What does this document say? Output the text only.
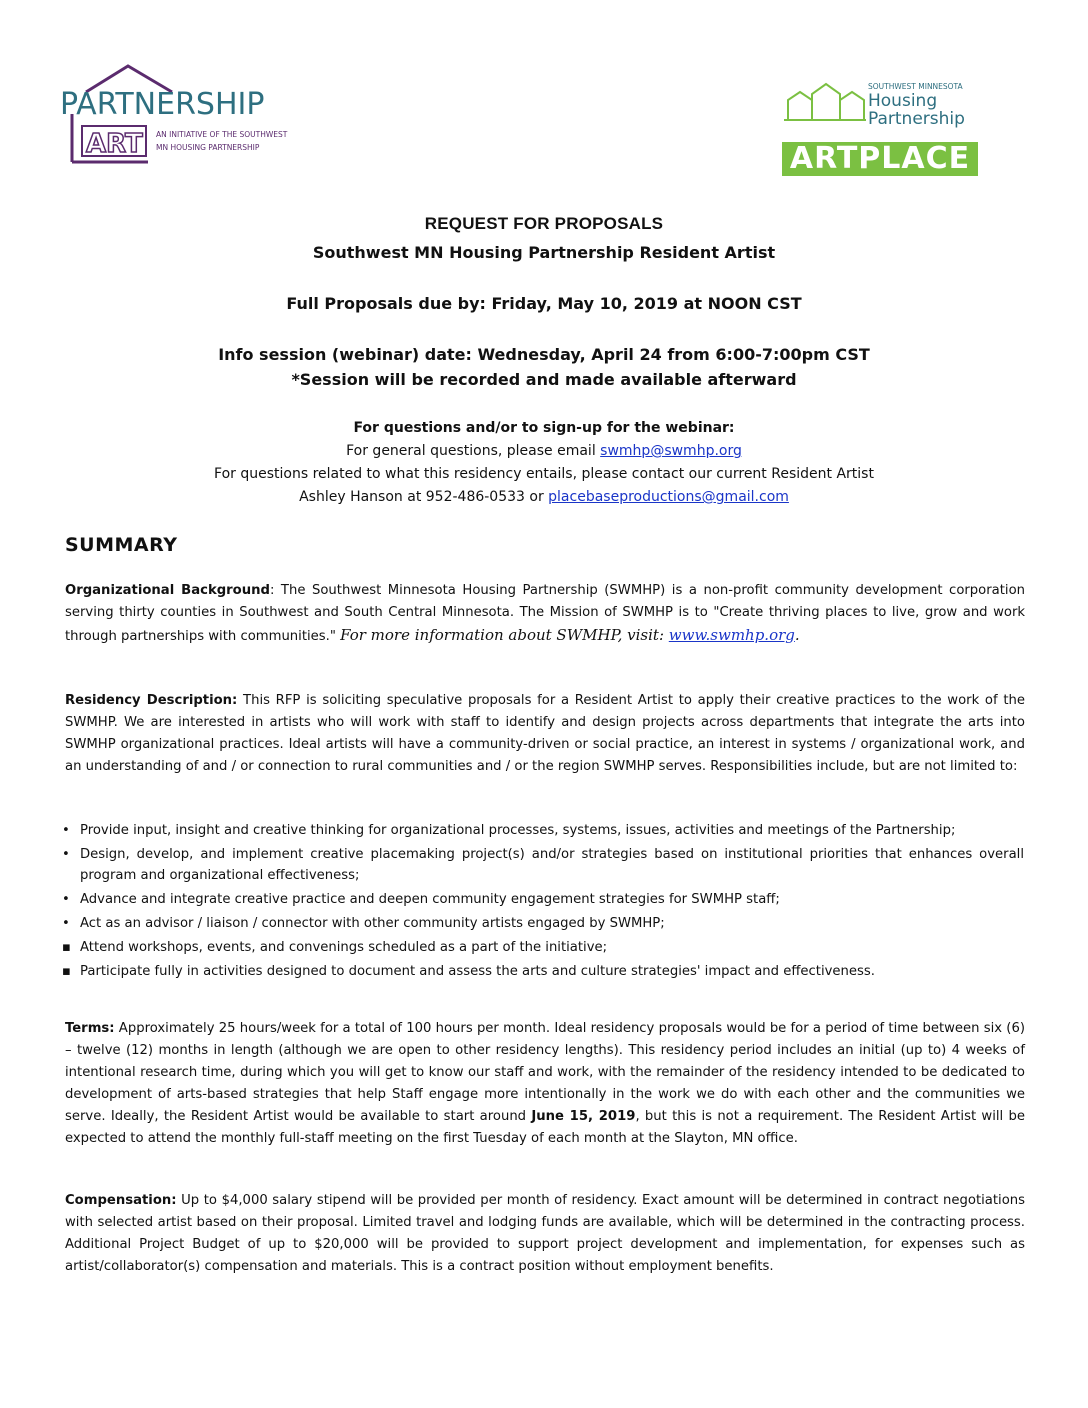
PARTNERSHIP
ART AN INITIATIVE OF THE SOUTHWEST
MN HOUSING PARTNERSHIP
SOUTHWEST MINNESOTA
Housing
Partnership
ARTPLACE
REQUEST FOR PROPOSALS
Southwest MN Housing Partnership Resident Artist
Full Proposals due by: Friday, May 10, 2019 at NOON CST
Info session (webinar) date: Wednesday, April 24 from 6:00-7:00pm CST
*Session will be recorded and made available afterward
For questions and/or to sign-up for the webinar:
For general questions, please email swmhp@swmhp.org
For questions related to what this residency entails, please contact our current Resident Artist
Ashley Hanson at 952-486-0533 or placebaseproductions@gmail.com
SUMMARY
Organizational Background: The Southwest Minnesota Housing Partnership (SWMHP) is a non-profit community development corporation serving thirty counties in Southwest and South Central Minnesota. The Mission of SWMHP is to "Create thriving places to live, grow and work through partnerships with communities." For more information about SWMHP, visit: www.swmhp.org.
Residency Description: This RFP is soliciting speculative proposals for a Resident Artist to apply their creative practices to the work of the SWMHP. We are interested in artists who will work with staff to identify and design projects across departments that integrate the arts into SWMHP organizational practices. Ideal artists will have a community-driven or social practice, an interest in systems / organizational work, and an understanding of and / or connection to rural communities and / or the region SWMHP serves. Responsibilities include, but are not limited to:
• Provide input, insight and creative thinking for organizational processes, systems, issues, activities and meetings of the Partnership;
• Design, develop, and implement creative placemaking project(s) and/or strategies based on institutional priorities that enhances overall program and organizational effectiveness;
• Advance and integrate creative practice and deepen community engagement strategies for SWMHP staff;
• Act as an advisor / liaison / connector with other community artists engaged by SWMHP;
▪ Attend workshops, events, and convenings scheduled as a part of the initiative;
▪ Participate fully in activities designed to document and assess the arts and culture strategies' impact and effectiveness.
Terms: Approximately 25 hours/week for a total of 100 hours per month. Ideal residency proposals would be for a period of time between six (6) – twelve (12) months in length (although we are open to other residency lengths). This residency period includes an initial (up to) 4 weeks of intentional research time, during which you will get to know our staff and work, with the remainder of the residency intended to be dedicated to development of arts-based strategies that help Staff engage more intentionally in the work we do with each other and the communities we serve. Ideally, the Resident Artist would be available to start around June 15, 2019, but this is not a requirement. The Resident Artist will be expected to attend the monthly full-staff meeting on the first Tuesday of each month at the Slayton, MN office.
Compensation: Up to $4,000 salary stipend will be provided per month of residency. Exact amount will be determined in contract negotiations with selected artist based on their proposal. Limited travel and lodging funds are available, which will be determined in the contracting process. Additional Project Budget of up to $20,000 will be provided to support project development and implementation, for expenses such as artist/collaborator(s) compensation and materials. This is a contract position without employment benefits.
